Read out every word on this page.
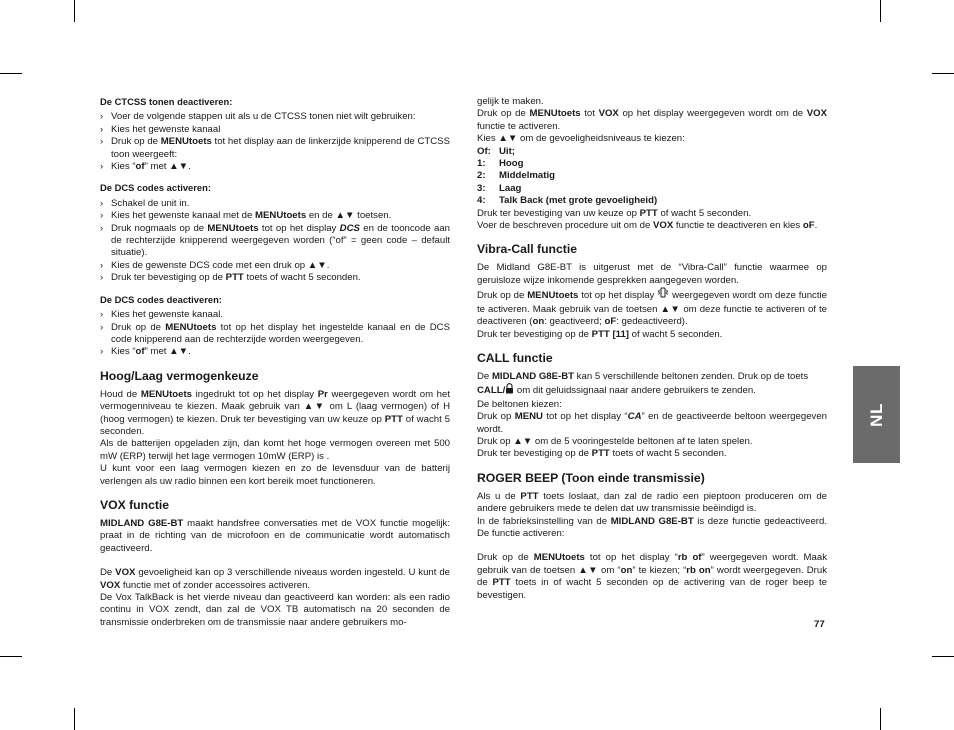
De CTCSS tonen deactiveren:

› Voer de volgende stappen uit als u de CTCSS tonen niet wilt gebruiken:
› Kies het gewenste kanaal
› Druk op de MENUtoets tot het display aan de linkerzijde knipperend de CTCSS toon weergeeft:
› Kies “of” met ▲▼.

De DCS codes activeren:

› Schakel de unit in.
› Kies het gewenste kanaal met de MENUtoets en de ▲▼ toetsen.
› Druk nogmaals op de MENUtoets tot op het display DCS en de tooncode aan de rechterzijde knipperend weergegeven worden (“of” = geen code – default situatie).
› Kies de gewenste DCS code met een druk op ▲▼.
› Druk ter bevestiging op de PTT toets of wacht 5 seconden.

De DCS codes deactiveren:

› Kies het gewenste kanaal.
› Druk op de MENUtoets tot op het display het ingestelde kanaal en de DCS code knipperend aan de rechterzijde worden weergegeven.
› Kies “of” met ▲▼.

Hoog/Laag vermogenkeuze

Houd de MENUtoets ingedrukt tot op het display Pr weergegeven wordt om het vermogenniveau te kiezen. Maak gebruik van ▲▼ om L (laag vermogen) of H (hoog vermogen) te kiezen. Druk ter bevestiging van uw keuze op PTT of wacht 5 seconden.

Als de batterijen opgeladen zijn, dan komt het hoge vermogen overeen met 500 mW (ERP) terwijl het lage vermogen 10mW (ERP) is .

U kunt voor een laag vermogen kiezen en zo de levensduur van de batterij verlengen als uw radio binnen een kort bereik moet functioneren.

VOX functie

MIDLAND G8E-BT maakt handsfree conversaties met de VOX functie mogelijk: praat in de richting van de microfoon en de communicatie wordt automatisch geactiveerd.

De VOX gevoeligheid kan op 3 verschillende niveaus worden ingesteld. U kunt de VOX functie met of zonder accessoires activeren.

De Vox TalkBack is het vierde niveau dan geactiveerd kan worden: als een radio continu in VOX zendt, dan zal de VOX TB automatisch na 20 seconden de transmissie onderbreken om de transmissie naar andere gebruikers mo-

gelijk te maken.

Druk op de MENUtoets tot VOX op het display weergegeven wordt om de VOX functie te activeren.

Kies ▲▼ om de gevoeligheidsniveaus te kiezen:

Of: Uit;
1:	Hoog
2:	Middelmatig
3:	Laag
4:	Talk Back (met grote gevoeligheid)

Druk ter bevestiging van uw keuze op PTT of wacht 5 seconden.

Voer de beschreven procedure uit om de VOX functie te deactiveren en kies oF.

Vibra-Call functie

De Midland G8E-BT is uitgerust met de “Vibra-Call” functie waarmee op geruisloze wijze inkomende gesprekken aangegeven worden.

Druk op de MENUtoets tot op het display  weergegeven wordt om deze functie te activeren. Maak gebruik van de toetsen ▲▼ om deze functie te activeren of te deactiveren (on: geactiveerd; oF: gedeactiveerd).

Druk ter bevestiging op de PTT [11] of wacht 5 seconden.

CALL functie

De MIDLAND G8E-BT kan 5 verschillende beltonen zenden. Druk op de toets CALL/ om dit geluidssignaal naar andere gebruikers te zenden.

De beltonen kiezen:

Druk op MENU tot op het display “CA” en de geactiveerde beltoon weergegeven wordt.

Druk op ▲▼ om de 5 vooringestelde beltonen af te laten spelen.

Druk ter bevestiging op de PTT toets of wacht 5 seconden.

ROGER BEEP (Toon einde transmissie)

Als u de PTT toets loslaat, dan zal de radio een pieptoon produceren om de andere gebruikers mede te delen dat uw transmissie beëindigd is.

In de fabrieksinstelling van de MIDLAND G8E-BT is deze functie gedeactiveerd. De functie activeren:

Druk op de MENUtoets tot op het display “rb of” weergegeven wordt. Maak gebruik van de toetsen ▲▼ om “on” te kiezen; “rb on” wordt weergegeven. Druk de PTT toets in of wacht 5 seconden op de activering van de roger beep te bevestigen.

NL
77
